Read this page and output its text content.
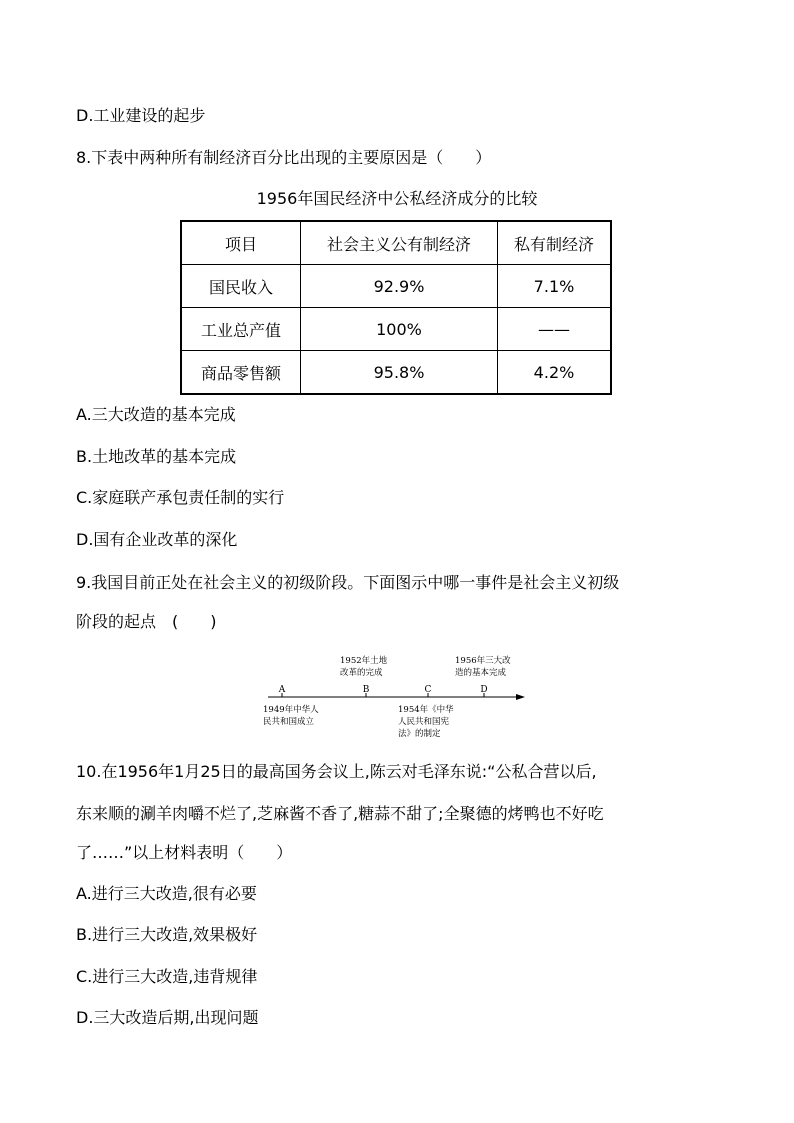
D.工业建设的起步
8.下表中两种所有制经济百分比出现的主要原因是（　　）
1956年国民经济中公私经济成分的比较
项目	社会主义公有制经济	私有制经济
国民收入	92.9%	7.1%
工业总产值	100%	——
商品零售额	95.8%	4.2%
A.三大改造的基本完成
B.土地改革的基本完成
C.家庭联产承包责任制的实行
D.国有企业改革的深化
9.我国目前正处在社会主义的初级阶段。下面图示中哪一事件是社会主义初级
阶段的起点　(　　)
A	B	C	D
1952年土地
改革的完成
1956年三大改
造的基本完成
1949年中华人
民共和国成立
1954年《中华
人民共和国宪
法》的制定
10.在1956年1月25日的最高国务会议上,陈云对毛泽东说:“公私合营以后,
东来顺的涮羊肉嚼不烂了,芝麻酱不香了,糖蒜不甜了;全聚德的烤鸭也不好吃
了……”以上材料表明（　　）
A.进行三大改造,很有必要
B.进行三大改造,效果极好
C.进行三大改造,违背规律
D.三大改造后期,出现问题
